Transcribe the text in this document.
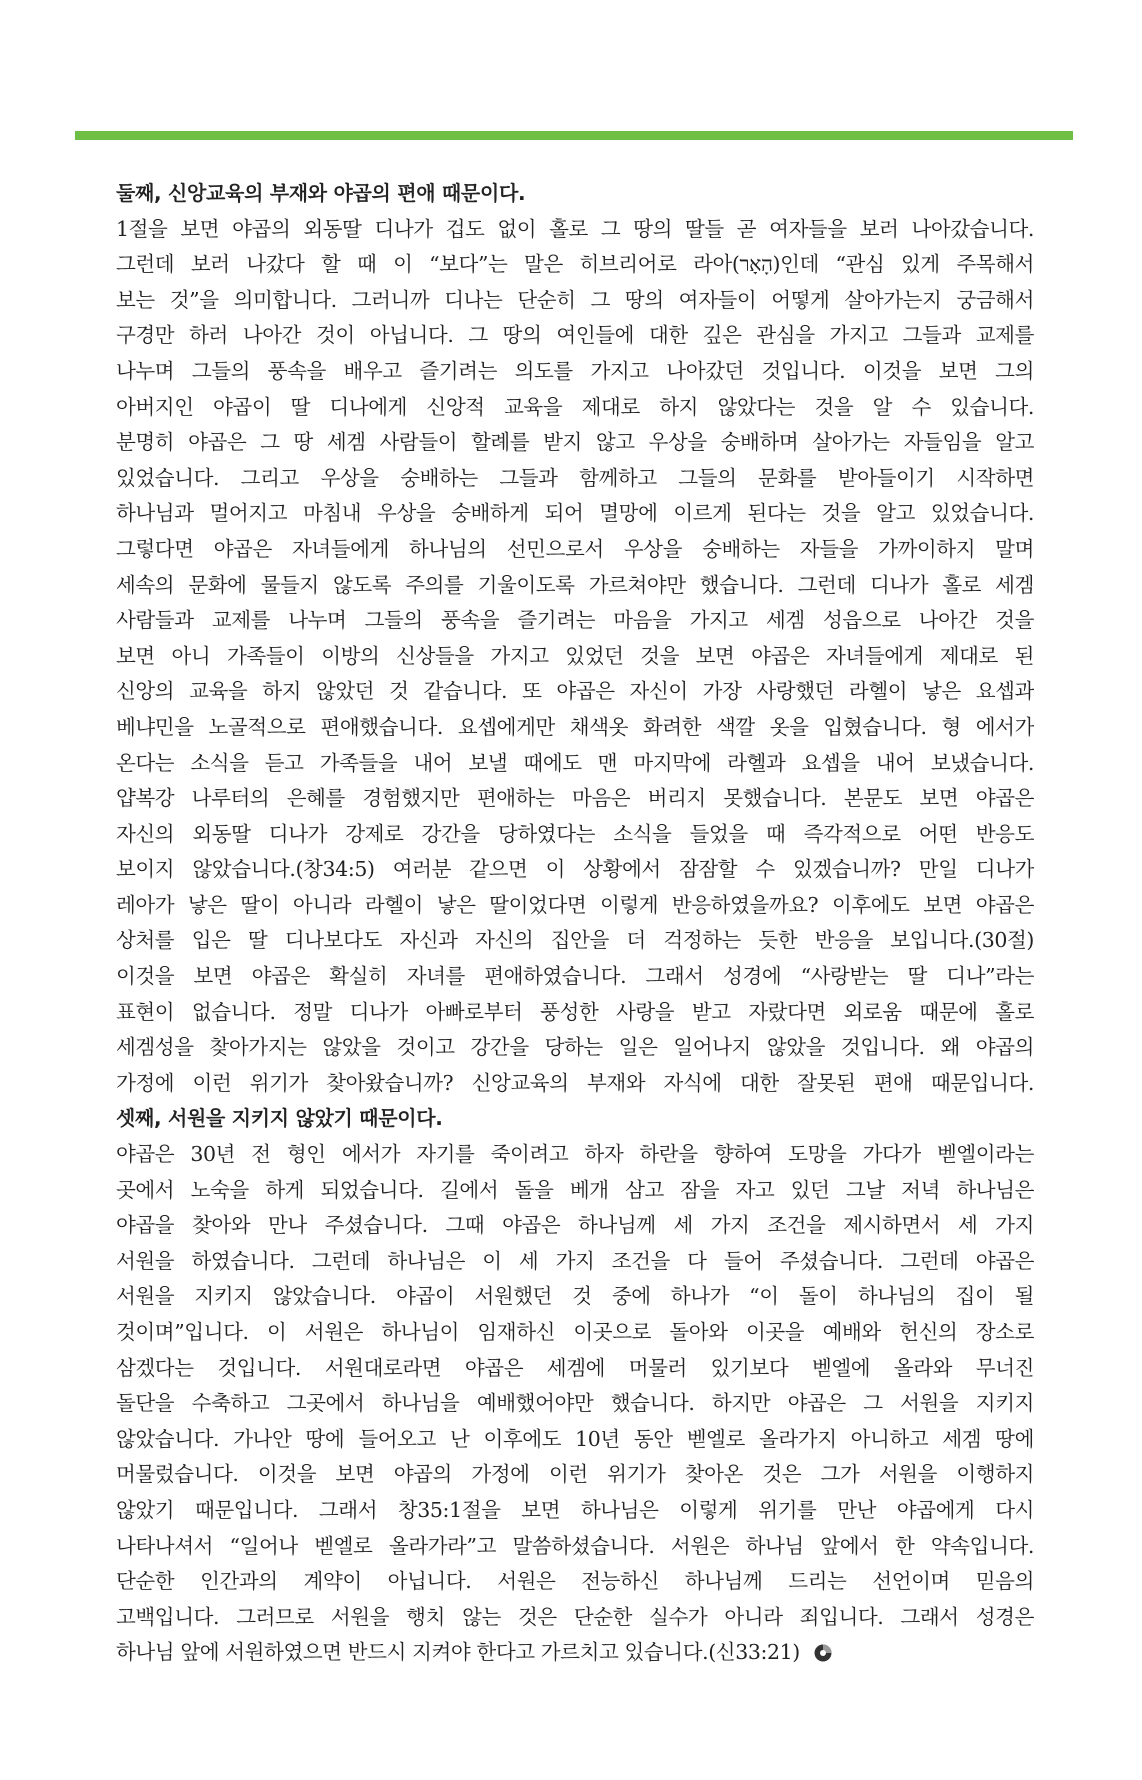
둘째, 신앙교육의 부재와 야곱의 편애 때문이다.
1절을 보면 야곱의 외동딸 디나가 겁도 없이 홀로 그 땅의 딸들 곧 여자들을 보러 나아갔습니다.
그런데 보러 나갔다 할 때 이 “보다”는 말은 히브리어로 라아(הָאָר)인데 “관심 있게 주목해서
보는 것”을 의미합니다. 그러니까 디나는 단순히 그 땅의 여자들이 어떻게 살아가는지 궁금해서
구경만 하러 나아간 것이 아닙니다. 그 땅의 여인들에 대한 깊은 관심을 가지고 그들과 교제를
나누며 그들의 풍속을 배우고 즐기려는 의도를 가지고 나아갔던 것입니다. 이것을 보면 그의
아버지인 야곱이 딸 디나에게 신앙적 교육을 제대로 하지 않았다는 것을 알 수 있습니다.
분명히 야곱은 그 땅 세겜 사람들이 할례를 받지 않고 우상을 숭배하며 살아가는 자들임을 알고
있었습니다. 그리고 우상을 숭배하는 그들과 함께하고 그들의 문화를 받아들이기 시작하면
하나님과 멀어지고 마침내 우상을 숭배하게 되어 멸망에 이르게 된다는 것을 알고 있었습니다.
그렇다면 야곱은 자녀들에게 하나님의 선민으로서 우상을 숭배하는 자들을 가까이하지 말며
세속의 문화에 물들지 않도록 주의를 기울이도록 가르쳐야만 했습니다. 그런데 디나가 홀로 세겜
사람들과 교제를 나누며 그들의 풍속을 즐기려는 마음을 가지고 세겜 성읍으로 나아간 것을
보면 아니 가족들이 이방의 신상들을 가지고 있었던 것을 보면 야곱은 자녀들에게 제대로 된
신앙의 교육을 하지 않았던 것 같습니다. 또 야곱은 자신이 가장 사랑했던 라헬이 낳은 요셉과
베냐민을 노골적으로 편애했습니다. 요셉에게만 채색옷 화려한 색깔 옷을 입혔습니다. 형 에서가
온다는 소식을 듣고 가족들을 내어 보낼 때에도 맨 마지막에 라헬과 요셉을 내어 보냈습니다.
얍복강 나루터의 은혜를 경험했지만 편애하는 마음은 버리지 못했습니다. 본문도 보면 야곱은
자신의 외동딸 디나가 강제로 강간을 당하였다는 소식을 들었을 때 즉각적으로 어떤 반응도
보이지 않았습니다.(창34:5) 여러분 같으면 이 상황에서 잠잠할 수 있겠습니까? 만일 디나가
레아가 낳은 딸이 아니라 라헬이 낳은 딸이었다면 이렇게 반응하였을까요? 이후에도 보면 야곱은
상처를 입은 딸 디나보다도 자신과 자신의 집안을 더 걱정하는 듯한 반응을 보입니다.(30절)
이것을 보면 야곱은 확실히 자녀를 편애하였습니다. 그래서 성경에 “사랑받는 딸 디나”라는
표현이 없습니다. 정말 디나가 아빠로부터 풍성한 사랑을 받고 자랐다면 외로움 때문에 홀로
세겜성을 찾아가지는 않았을 것이고 강간을 당하는 일은 일어나지 않았을 것입니다. 왜 야곱의
가정에 이런 위기가 찾아왔습니까? 신앙교육의 부재와 자식에 대한 잘못된 편애 때문입니다.
셋째, 서원을 지키지 않았기 때문이다.
야곱은 30년 전 형인 에서가 자기를 죽이려고 하자 하란을 향하여 도망을 가다가 벧엘이라는
곳에서 노숙을 하게 되었습니다. 길에서 돌을 베개 삼고 잠을 자고 있던 그날 저녁 하나님은
야곱을 찾아와 만나 주셨습니다. 그때 야곱은 하나님께 세 가지 조건을 제시하면서 세 가지
서원을 하였습니다. 그런데 하나님은 이 세 가지 조건을 다 들어 주셨습니다. 그런데 야곱은
서원을 지키지 않았습니다. 야곱이 서원했던 것 중에 하나가 “이 돌이 하나님의 집이 될
것이며”입니다. 이 서원은 하나님이 임재하신 이곳으로 돌아와 이곳을 예배와 헌신의 장소로
삼겠다는 것입니다. 서원대로라면 야곱은 세겜에 머물러 있기보다 벧엘에 올라와 무너진
돌단을 수축하고 그곳에서 하나님을 예배했어야만 했습니다. 하지만 야곱은 그 서원을 지키지
않았습니다. 가나안 땅에 들어오고 난 이후에도 10년 동안 벧엘로 올라가지 아니하고 세겜 땅에
머물렀습니다. 이것을 보면 야곱의 가정에 이런 위기가 찾아온 것은 그가 서원을 이행하지
않았기 때문입니다. 그래서 창35:1절을 보면 하나님은 이렇게 위기를 만난 야곱에게 다시
나타나셔서 “일어나 벧엘로 올라가라”고 말씀하셨습니다. 서원은 하나님 앞에서 한 약속입니다.
단순한 인간과의 계약이 아닙니다. 서원은 전능하신 하나님께 드리는 선언이며 믿음의
고백입니다. 그러므로 서원을 행치 않는 것은 단순한 실수가 아니라 죄입니다. 그래서 성경은
하나님 앞에 서원하였으면 반드시 지켜야 한다고 가르치고 있습니다.(신33:21)
